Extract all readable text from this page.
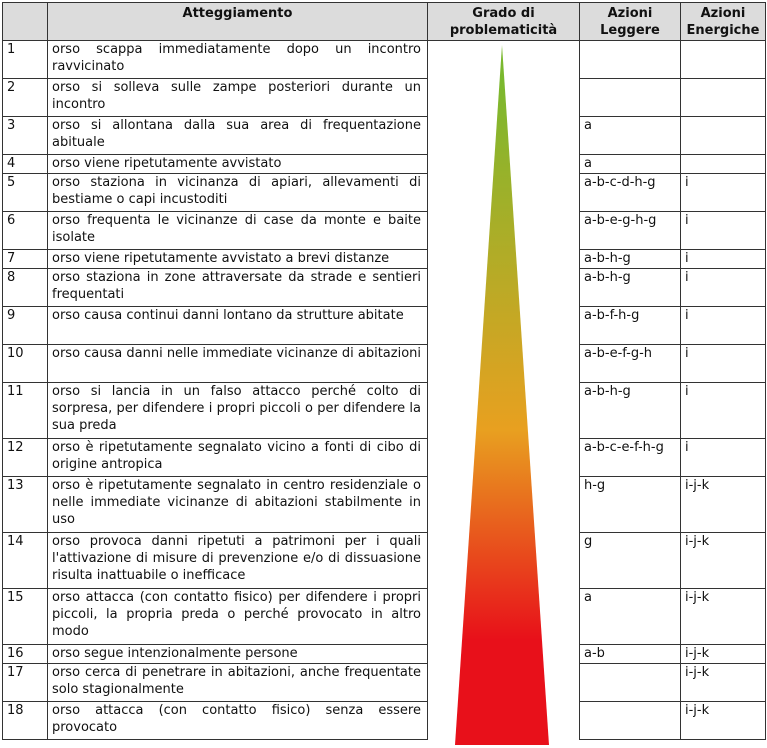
	Atteggiamento	Grado di problematicità	Azioni Leggere	Azioni Energiche
1	orso scappa immediatamente dopo un incontro ravvicinato			
2	orso si solleva sulle zampe posteriori durante un incontro			
3	orso si allontana dalla sua area di frequentazione abituale		a	
4	orso viene ripetutamente avvistato		a	
5	orso staziona in vicinanza di apiari, allevamenti di bestiame o capi incustoditi		a-b-c-d-h-g	i
6	orso frequenta le vicinanze di case da monte e baite isolate		a-b-e-g-h-g	i
7	orso viene ripetutamente avvistato a brevi distanze		a-b-h-g	i
8	orso staziona in zone attraversate da strade e sentieri frequentati		a-b-h-g	i
9	orso causa continui danni lontano da strutture abitate		a-b-f-h-g	i
10	orso causa danni nelle immediate vicinanze di abitazioni		a-b-e-f-g-h	i
11	orso si lancia in un falso attacco perché colto di sorpresa, per difendere i propri piccoli o per difendere la sua preda		a-b-h-g	i
12	orso è ripetutamente segnalato vicino a fonti di cibo di origine antropica		a-b-c-e-f-h-g	i
13	orso è ripetutamente segnalato in centro residenziale o nelle immediate vicinanze di abitazioni stabilmente in uso		h-g	i-j-k
14	orso provoca danni ripetuti a patrimoni per i quali l'attivazione di misure di prevenzione e/o di dissuasione risulta inattuabile o inefficace		g	i-j-k
15	orso attacca (con contatto fisico) per difendere i propri piccoli, la propria preda o perché provocato in altro modo		a	i-j-k
16	orso segue intenzionalmente persone		a-b	i-j-k
17	orso cerca di penetrare in abitazioni, anche frequentate solo stagionalmente			i-j-k
18	orso attacca (con contatto fisico) senza essere provocato			i-j-k
